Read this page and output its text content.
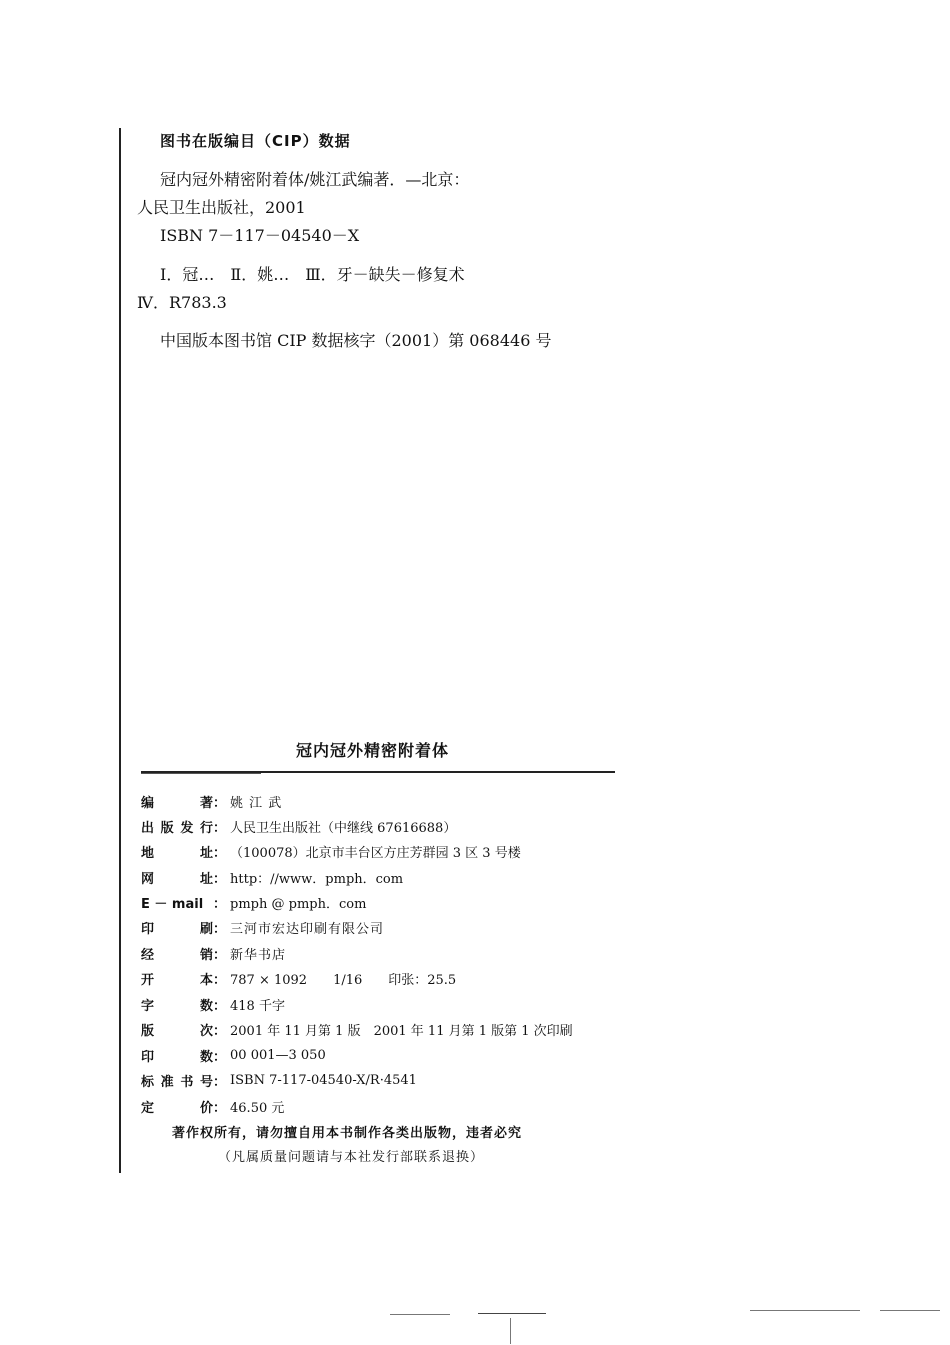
图书在版编目（CIP）数据
冠内冠外精密附着体/姚江武编著．—北京：
人民卫生出版社，2001
ISBN 7－117－04540－X
Ⅰ．冠…　Ⅱ．姚…　Ⅲ．牙－缺失－修复术
Ⅳ．R783.3
中国版本图书馆 CIP 数据核字（2001）第 068446 号
冠内冠外精密附着体
编　　著 ： 姚 江 武
出版发行 ： 人民卫生出版社（中继线 67616688）
地　　址 ： （100078）北京市丰台区方庄芳群园 3 区 3 号楼
网　　址 ： http：//www．pmph．com
E － mail ： pmph @ pmph．com
印　　刷 ： 三河市宏达印刷有限公司
经　　销 ： 新华书店
开　　本 ： 787 × 1092　　1/16　　印张：25.5
字　　数 ： 418 千字
版　　次 ： 2001 年 11 月第 1 版　2001 年 11 月第 1 版第 1 次印刷
印　　数 ： 00 001—3 050
标准书号 ： ISBN 7-117-04540-X/R·4541
定　　价 ： 46.50 元
著作权所有，请勿擅自用本书制作各类出版物，违者必究
（凡属质量问题请与本社发行部联系退换）
